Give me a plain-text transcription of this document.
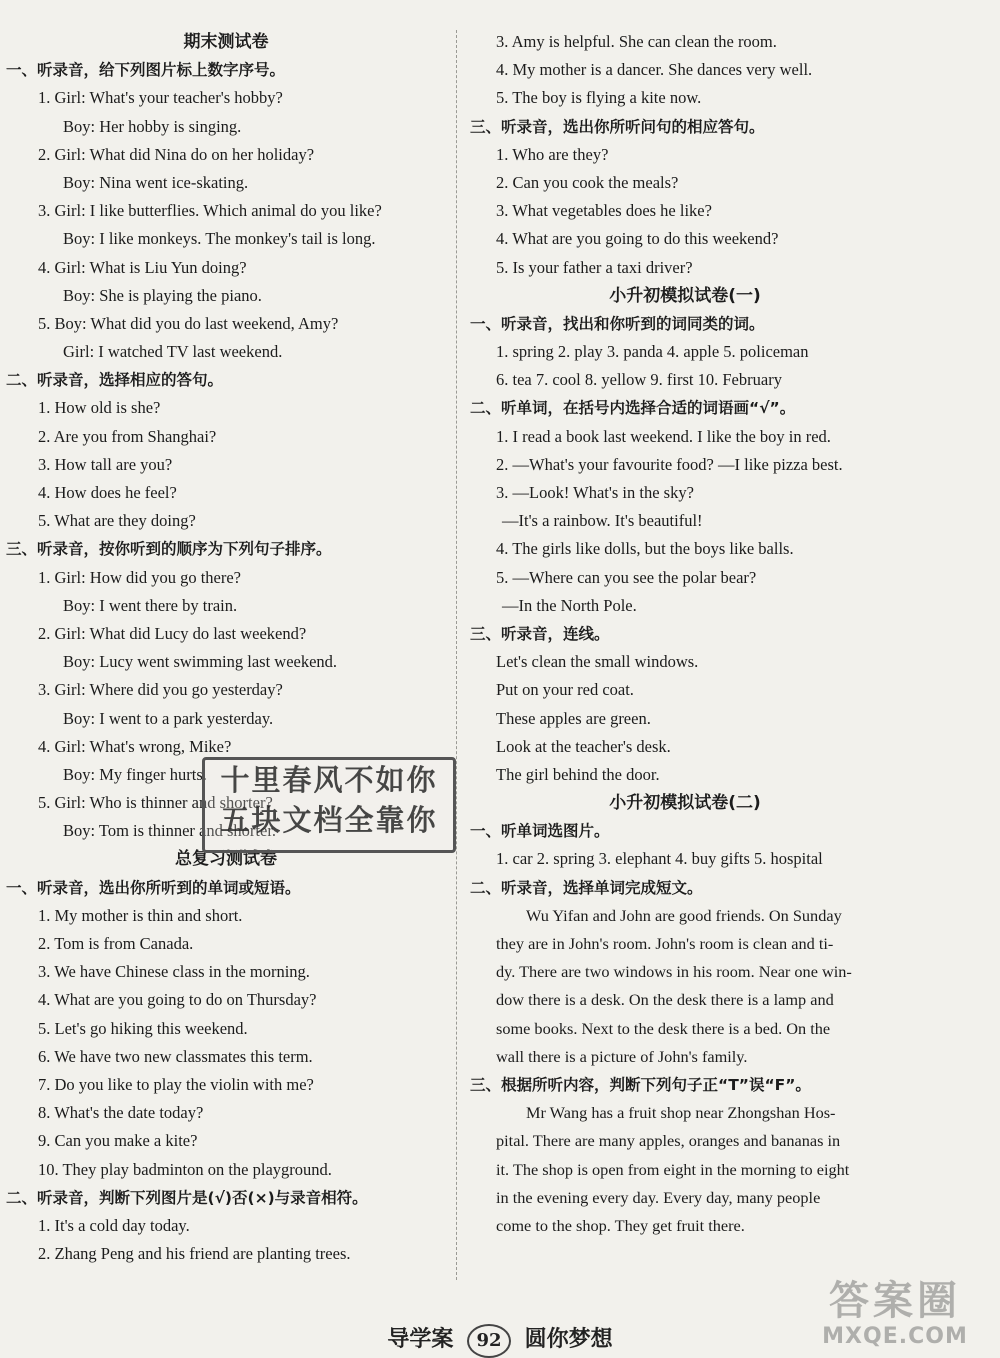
期末测试卷
一、听录音，给下列图片标上数字序号。
1. Girl: What's your teacher's hobby?
Boy: Her hobby is singing.
2. Girl: What did Nina do on her holiday?
Boy: Nina went ice-skating.
3. Girl: I like butterflies. Which animal do you like?
Boy: I like monkeys. The monkey's tail is long.
4. Girl: What is Liu Yun doing?
Boy: She is playing the piano.
5. Boy: What did you do last weekend, Amy?
Girl: I watched TV last weekend.
二、听录音，选择相应的答句。
1. How old is she?
2. Are you from Shanghai?
3. How tall are you?
4. How does he feel?
5. What are they doing?
三、听录音，按你听到的顺序为下列句子排序。
1. Girl: How did you go there?
Boy: I went there by train.
2. Girl: What did Lucy do last weekend?
Boy: Lucy went swimming last weekend.
3. Girl: Where did you go yesterday?
Boy: I went to a park yesterday.
4. Girl: What's wrong, Mike?
Boy: My finger hurts.
5. Girl: Who is thinner and shorter?
Boy: Tom is thinner and shorter.
总复习测试卷
一、听录音，选出你所听到的单词或短语。
1. My mother is thin and short.
2. Tom is from Canada.
3. We have Chinese class in the morning.
4. What are you going to do on Thursday?
5. Let's go hiking this weekend.
6. We have two new classmates this term.
7. Do you like to play the violin with me?
8. What's the date today?
9. Can you make a kite?
10. They play badminton on the playground.
二、听录音，判断下列图片是(√)否(×)与录音相符。
1. It's a cold day today.
2. Zhang Peng and his friend are planting trees.
3. Amy is helpful. She can clean the room.
4. My mother is a dancer. She dances very well.
5. The boy is flying a kite now.
三、听录音，选出你所听问句的相应答句。
1. Who are they?
2. Can you cook the meals?
3. What vegetables does he like?
4. What are you going to do this weekend?
5. Is your father a taxi driver?
小升初模拟试卷(一)
一、听录音，找出和你听到的词同类的词。
1. spring 2. play 3. panda 4. apple 5. policeman
6. tea 7. cool 8. yellow 9. first 10. February
二、听单词，在括号内选择合适的词语画“√”。
1. I read a book last weekend. I like the boy in red.
2. —What's your favourite food? —I like pizza best.
3. —Look! What's in the sky?
—It's a rainbow. It's beautiful!
4. The girls like dolls, but the boys like balls.
5. —Where can you see the polar bear?
—In the North Pole.
三、听录音，连线。
Let's clean the small windows.
Put on your red coat.
These apples are green.
Look at the teacher's desk.
The girl behind the door.
小升初模拟试卷(二)
一、听单词选图片。
1. car 2. spring 3. elephant 4. buy gifts 5. hospital
二、听录音，选择单词完成短文。
Wu Yifan and John are good friends. On Sunday
they are in John's room. John's room is clean and ti-
dy. There are two windows in his room. Near one win-
dow there is a desk. On the desk there is a lamp and
some books. Next to the desk there is a bed. On the
wall there is a picture of John's family.
三、根据所听内容，判断下列句子正“T”误“F”。
Mr Wang has a fruit shop near Zhongshan Hos-
pital. There are many apples, oranges and bananas in
it. The shop is open from eight in the morning to eight
in the evening every day. Every day, many people
come to the shop. They get fruit there.
十里春风不如你
五块文档全靠你
导学案 92 圆你梦想
答案圈
MXQE.COM
